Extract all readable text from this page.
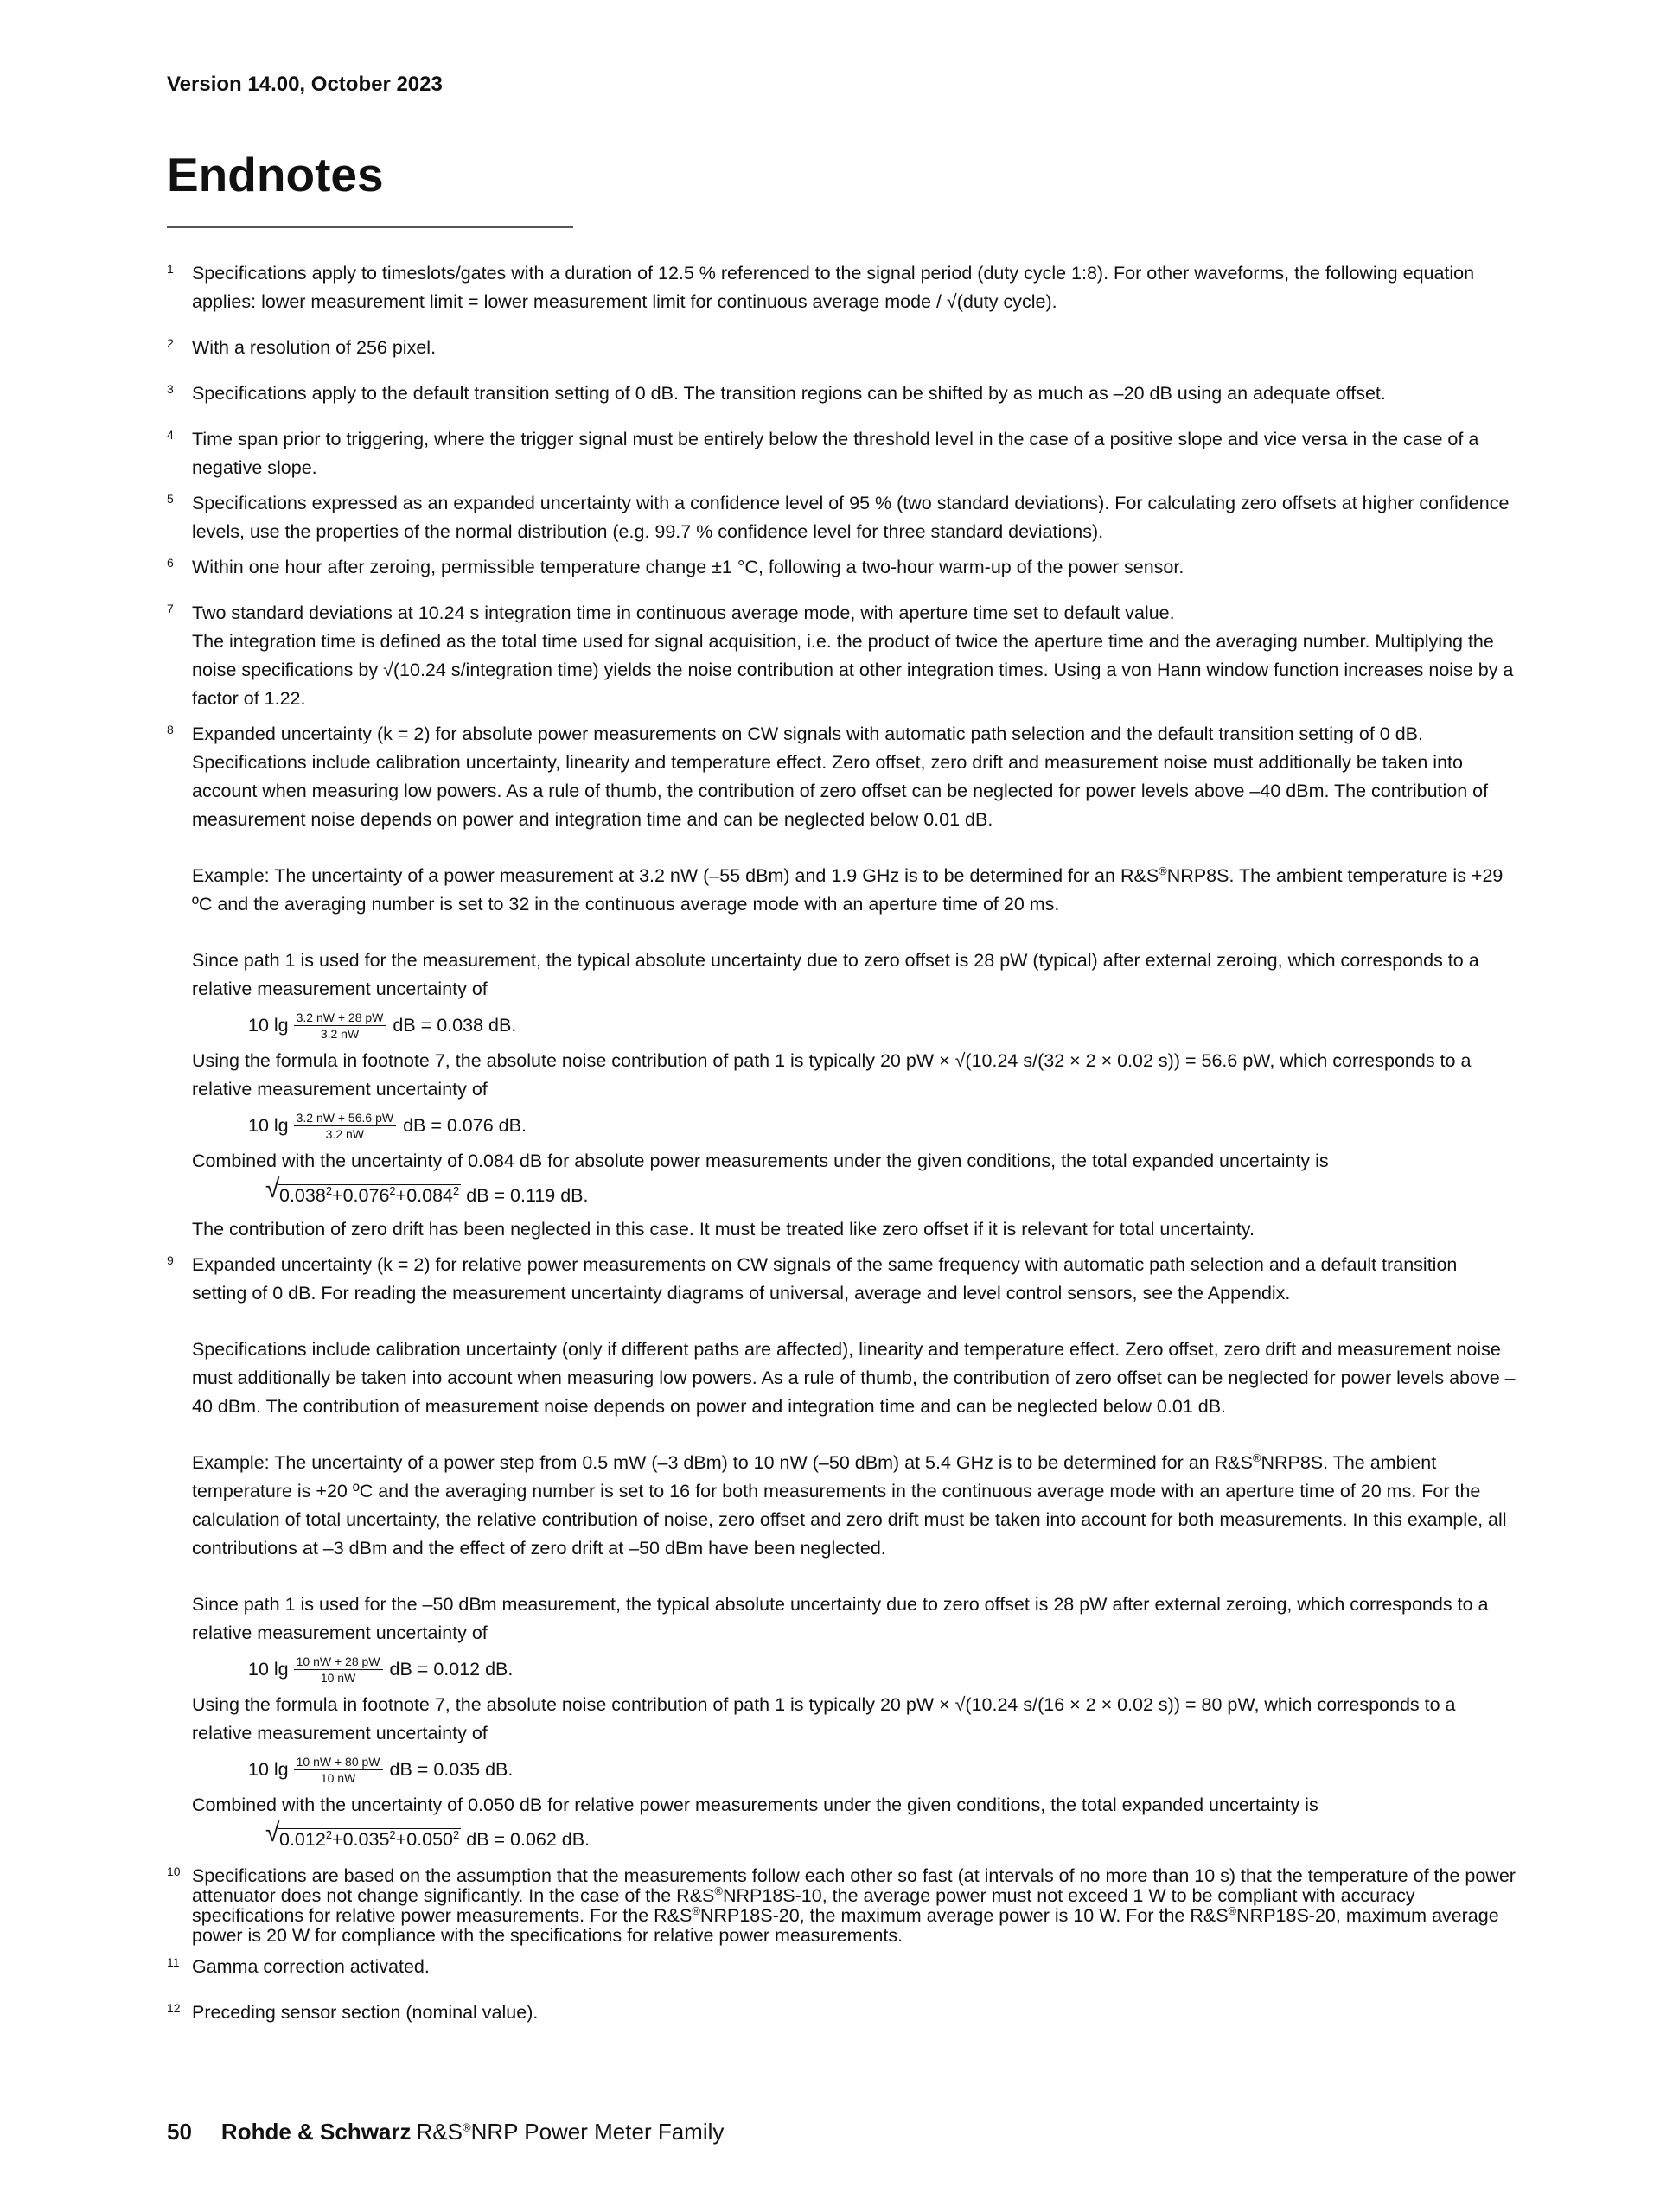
Version 14.00, October 2023
Endnotes
1 Specifications apply to timeslots/gates with a duration of 12.5 % referenced to the signal period (duty cycle 1:8). For other waveforms, the following equation applies: lower measurement limit = lower measurement limit for continuous average mode / √(duty cycle).

2 With a resolution of 256 pixel.

3 Specifications apply to the default transition setting of 0 dB. The transition regions can be shifted by as much as –20 dB using an adequate offset.

4 Time span prior to triggering, where the trigger signal must be entirely below the threshold level in the case of a positive slope and vice versa in the case of a negative slope.

5 Specifications expressed as an expanded uncertainty with a confidence level of 95 % (two standard deviations). For calculating zero offsets at higher confidence levels, use the properties of the normal distribution (e.g. 99.7 % confidence level for three standard deviations).

6 Within one hour after zeroing, permissible temperature change ±1 °C, following a two-hour warm-up of the power sensor.

7 Two standard deviations at 10.24 s integration time in continuous average mode, with aperture time set to default value.

The integration time is defined as the total time used for signal acquisition, i.e. the product of twice the aperture time and the averaging number. Multiplying the noise specifications by √(10.24 s/integration time) yields the noise contribution at other integration times. Using a von Hann window function increases noise by a factor of 1.22.

8 Expanded uncertainty (k = 2) for absolute power measurements on CW signals with automatic path selection and the default transition setting of 0 dB. Specifications include calibration uncertainty, linearity and temperature effect. Zero offset, zero drift and measurement noise must additionally be taken into account when measuring low powers. As a rule of thumb, the contribution of zero offset can be neglected for power levels above –40 dBm. The contribution of measurement noise depends on power and integration time and can be neglected below 0.01 dB.

Example: The uncertainty of a power measurement at 3.2 nW (–55 dBm) and 1.9 GHz is to be determined for an R&S®NRP8S. The ambient temperature is +29 ºC and the averaging number is set to 32 in the continuous average mode with an aperture time of 20 ms.

Since path 1 is used for the measurement, the typical absolute uncertainty due to zero offset is 28 pW (typical) after external zeroing, which corresponds to a relative measurement uncertainty of

10 $\lg \frac{3.2 nW + 28 pW}{3.2 nW}$ dB = 0.038 dB.

Using the formula in footnote 7, the absolute noise contribution of path 1 is typically 20 pW × √(10.24 s/(32 × 2 × 0.02 s)) = 56.6 pW, which corresponds to a relative measurement uncertainty of

10 $\lg \frac{3.2 nW + 56.6 pW}{3.2 nW}$ dB = 0.076 dB.

Combined with the uncertainty of 0.084 dB for absolute power measurements under the given conditions, the total expanded uncertainty is

√ $0.038^2+0.076^2+0.084^2$ dB = 0.119 dB.

The contribution of zero drift has been neglected in this case. It must be treated like zero offset if it is relevant for total uncertainty.

9 Expanded uncertainty (k = 2) for relative power measurements on CW signals of the same frequency with automatic path selection and a default transition setting of 0 dB. For reading the measurement uncertainty diagrams of universal, average and level control sensors, see the Appendix.

Specifications include calibration uncertainty (only if different paths are affected), linearity and temperature effect. Zero offset, zero drift and measurement noise must additionally be taken into account when measuring low powers. As a rule of thumb, the contribution of zero offset can be neglected for power levels above –40 dBm. The contribution of measurement noise depends on power and integration time and can be neglected below 0.01 dB.

Example: The uncertainty of a power step from 0.5 mW (–3 dBm) to 10 nW (–50 dBm) at 5.4 GHz is to be determined for an R&S®NRP8S. The ambient temperature is +20 ºC and the averaging number is set to 16 for both measurements in the continuous average mode with an aperture time of 20 ms. For the calculation of total uncertainty, the relative contribution of noise, zero offset and zero drift must be taken into account for both measurements. In this example, all contributions at –3 dBm and the effect of zero drift at –50 dBm have been neglected.

Since path 1 is used for the –50 dBm measurement, the typical absolute uncertainty due to zero offset is 28 pW after external zeroing, which corresponds to a relative measurement uncertainty of

10 $\lg \frac{10 nW + 28 pW}{10 nW}$ dB = 0.012 dB.

Using the formula in footnote 7, the absolute noise contribution of path 1 is typically 20 pW × √(10.24 s/(16 × 2 × 0.02 s)) = 80 pW, which corresponds to a relative measurement uncertainty of

10 $\lg \frac{10 nW + 80 pW}{10 nW}$ dB = 0.035 dB.

Combined with the uncertainty of 0.050 dB for relative power measurements under the given conditions, the total expanded uncertainty is

√ $0.012^2+0.035^2+0.050^2$ dB = 0.062 dB.
10 Specifications are based on the assumption that the measurements follow each other so fast (at intervals of no more than 10 s) that the temperature of the power attenuator does not change significantly. In the case of the R&S®NRP18S-10, the average power must not exceed 1 W to be compliant with accuracy specifications for relative power measurements. For the R&S®NRP18S-20, the maximum average power is 10 W. For the R&S®NRP18S-20, maximum average power is 20 W for compliance with the specifications for relative power measurements.

11 Gamma correction activated.

12 Preceding sensor section (nominal value).

50 Rohde & Schwarz R&S®NRP Power Meter Family
